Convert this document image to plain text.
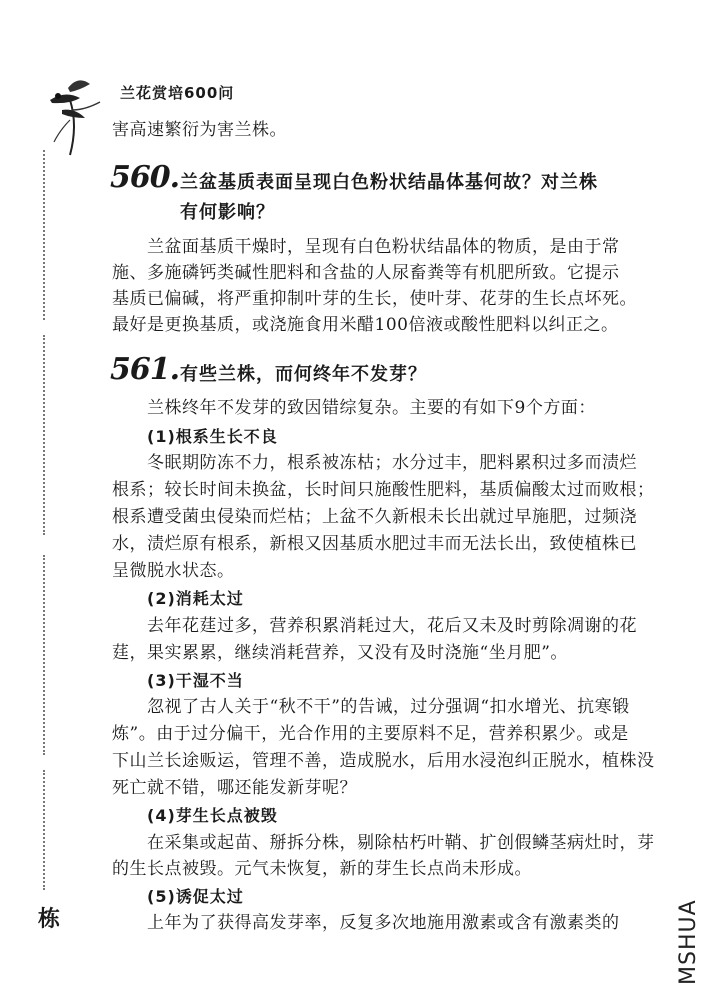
兰花赏培600问
栋
害高速繁衍为害兰株。
560. 兰盆基质表面呈现白色粉状结晶体基何故？对兰株
有何影响？
兰盆面基质干燥时，呈现有白色粉状结晶体的物质，是由于常
施、多施磷钙类碱性肥料和含盐的人尿畜粪等有机肥所致。它提示
基质已偏碱，将严重抑制叶芽的生长，使叶芽、花芽的生长点坏死。
最好是更换基质，或浇施食用米醋100倍液或酸性肥料以纠正之。
561. 有些兰株，而何终年不发芽？
兰株终年不发芽的致因错综复杂。主要的有如下9个方面：
(1)根系生长不良
冬眠期防冻不力，根系被冻枯；水分过丰，肥料累积过多而渍烂
根系；较长时间未换盆，长时间只施酸性肥料，基质偏酸太过而败根；
根系遭受菌虫侵染而烂枯；上盆不久新根未长出就过早施肥，过频浇
水，渍烂原有根系，新根又因基质水肥过丰而无法长出，致使植株已
呈微脱水状态。
(2)消耗太过
去年花莛过多，营养积累消耗过大，花后又未及时剪除凋谢的花
莛，果实累累，继续消耗营养，又没有及时浇施“坐月肥”。
(3)干湿不当
忽视了古人关于“秋不干”的告诫，过分强调“扣水增光、抗寒锻
炼”。由于过分偏干，光合作用的主要原料不足，营养积累少。或是
下山兰长途贩运，管理不善，造成脱水，后用水浸泡纠正脱水，植株没
死亡就不错，哪还能发新芽呢？
(4)芽生长点被毁
在采集或起苗、掰拆分株，剔除枯朽叶鞘、扩创假鳞茎病灶时，芽
的生长点被毁。元气未恢复，新的芽生长点尚未形成。
(5)诱促太过
上年为了获得高发芽率，反复多次地施用激素或含有激素类的	MSHUA
